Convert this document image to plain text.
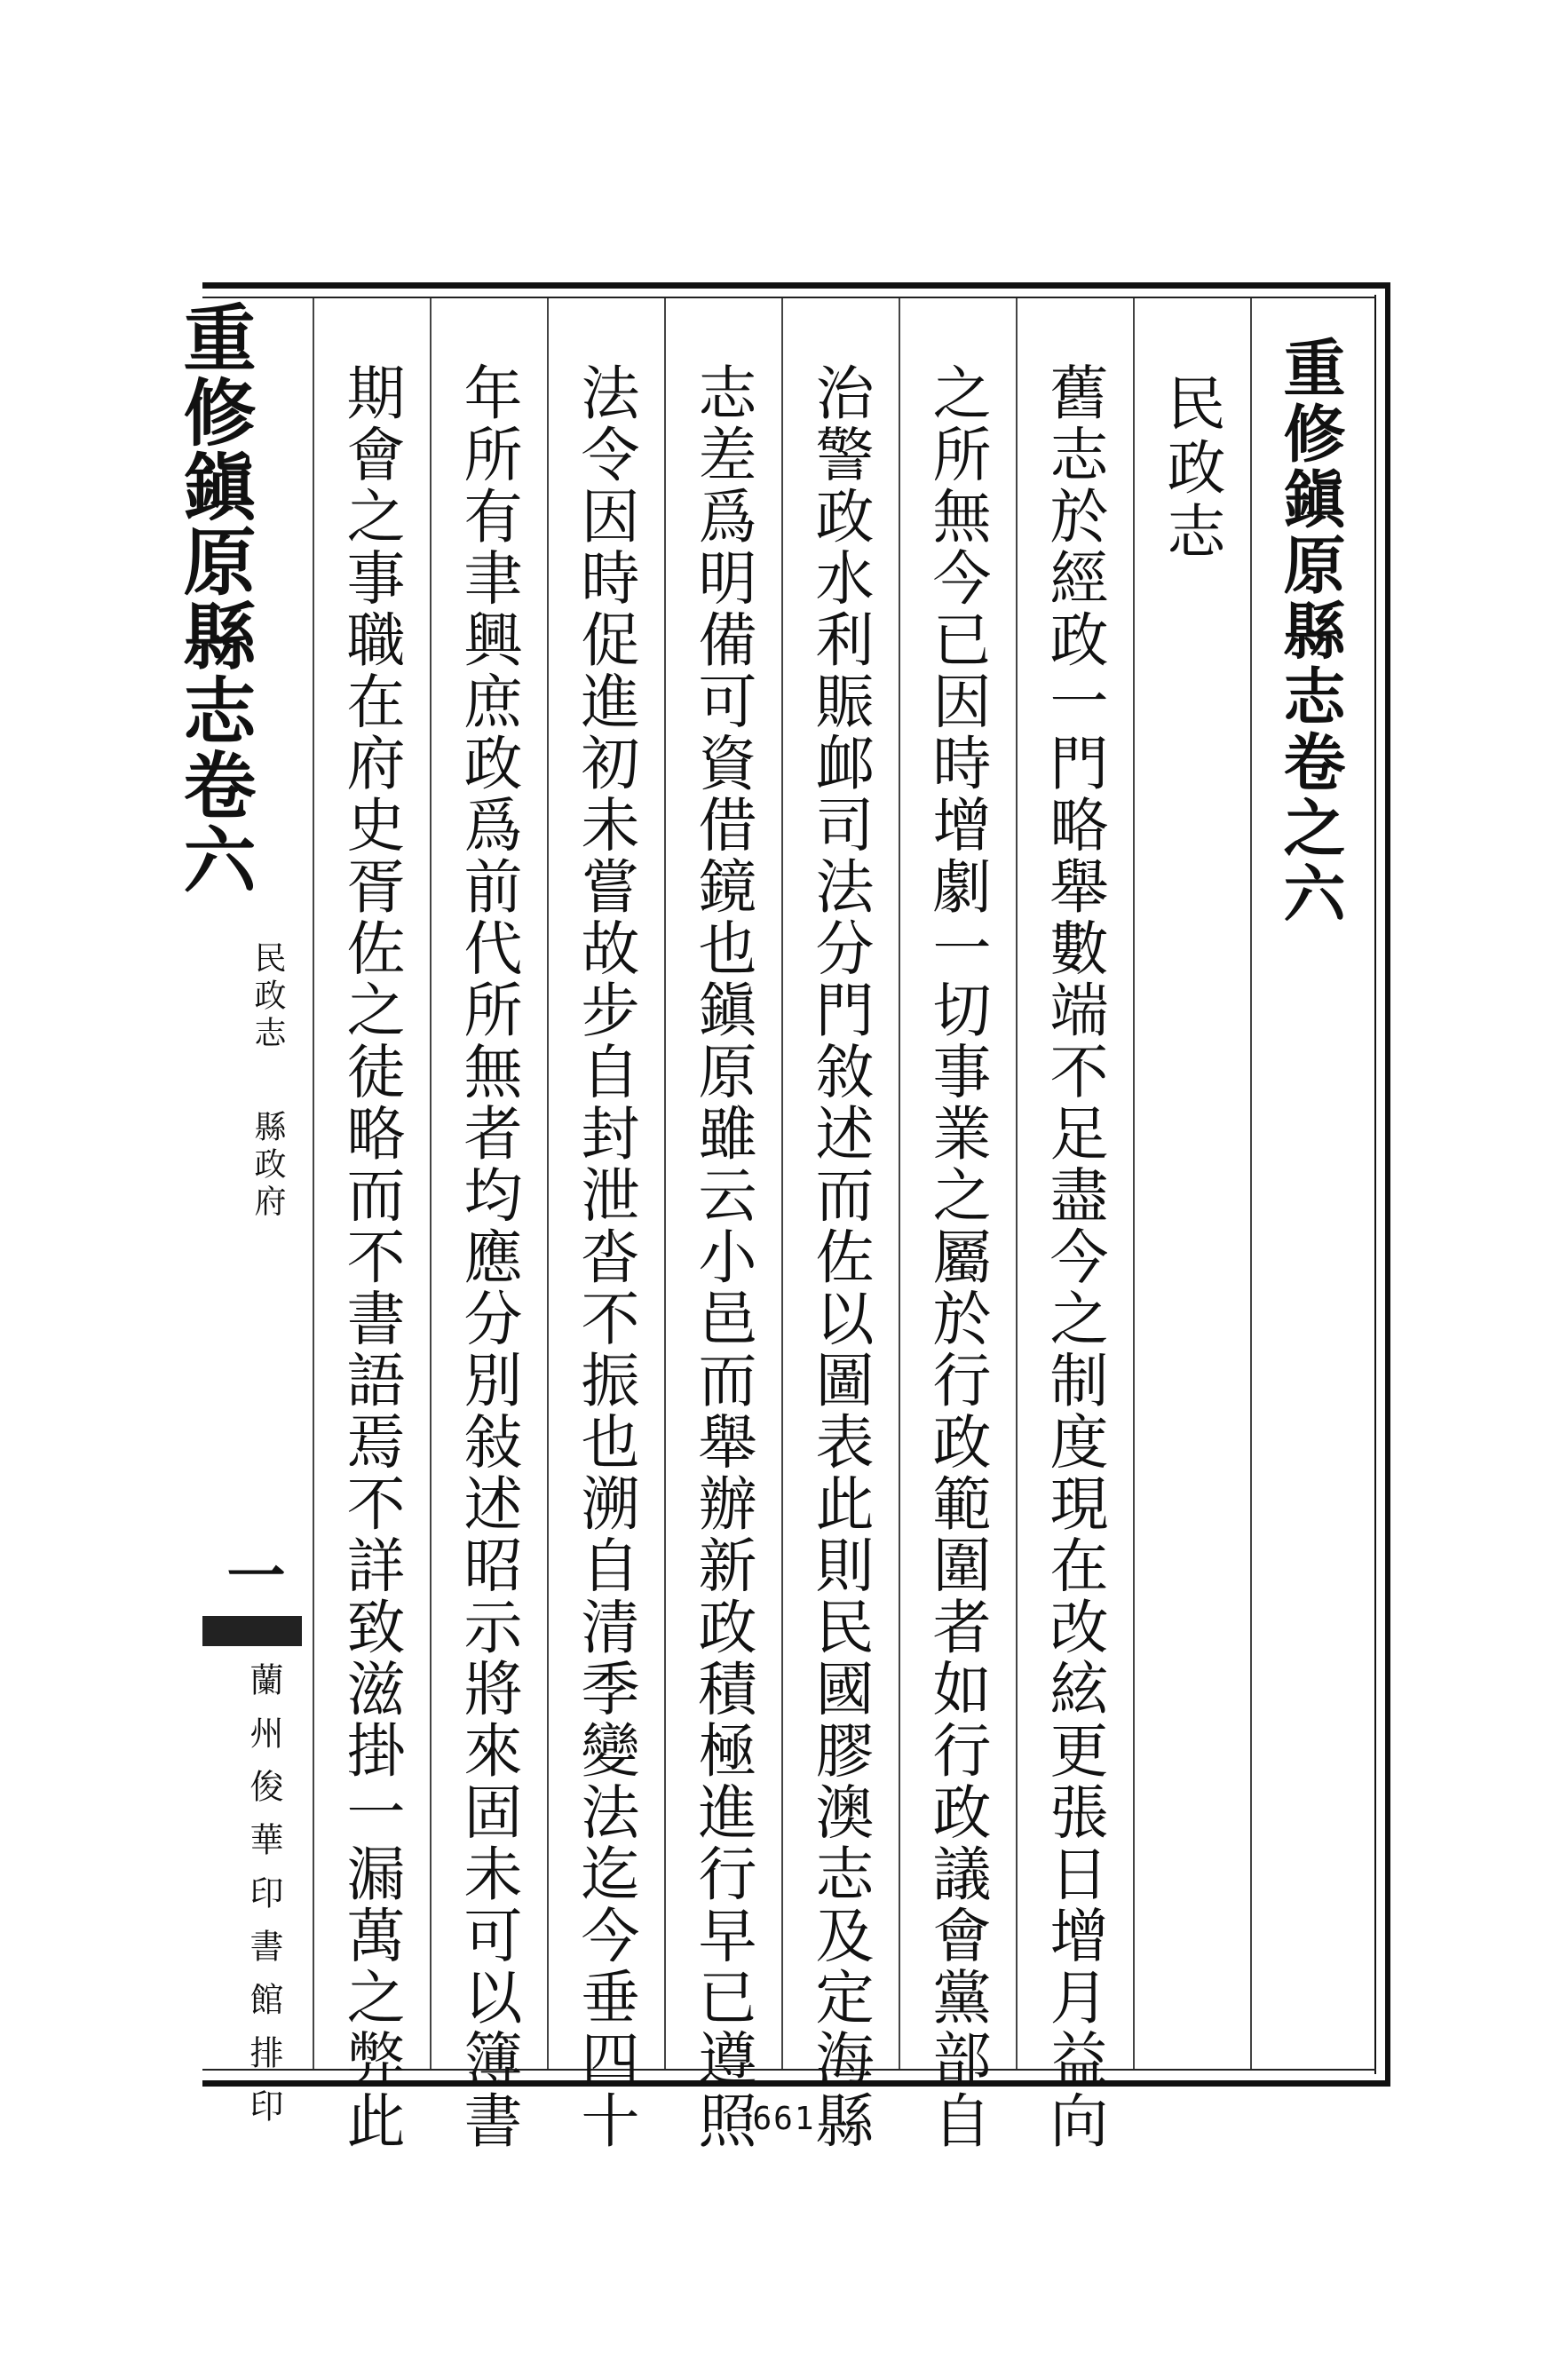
重修鎭原縣志卷之六
民政志
舊志於經政一門略舉數端不足盡今之制度現在改絃更張日增月益向
之所無今已因時增劇一切事業之屬於行政範圍者如行政議會黨部自
治警政水利賑䘏司法分門敘述而佐以圖表此則民國膠澳志及定海縣
志差爲明備可資借鏡也鎭原雖云小邑而舉辦新政積極進行早已遵照
法令因時促進初未嘗故步自封泄沓不振也溯自清季變法迄今垂四十
年所有聿興庶政爲前代所無者均應分別敍述昭示將來固未可以簿書
期會之事職在府史胥佐之徒略而不書語焉不詳致滋掛一漏萬之弊此
重修鎭原縣志卷六
民政志
縣政府
一
蘭州俊華印書館排印	661
